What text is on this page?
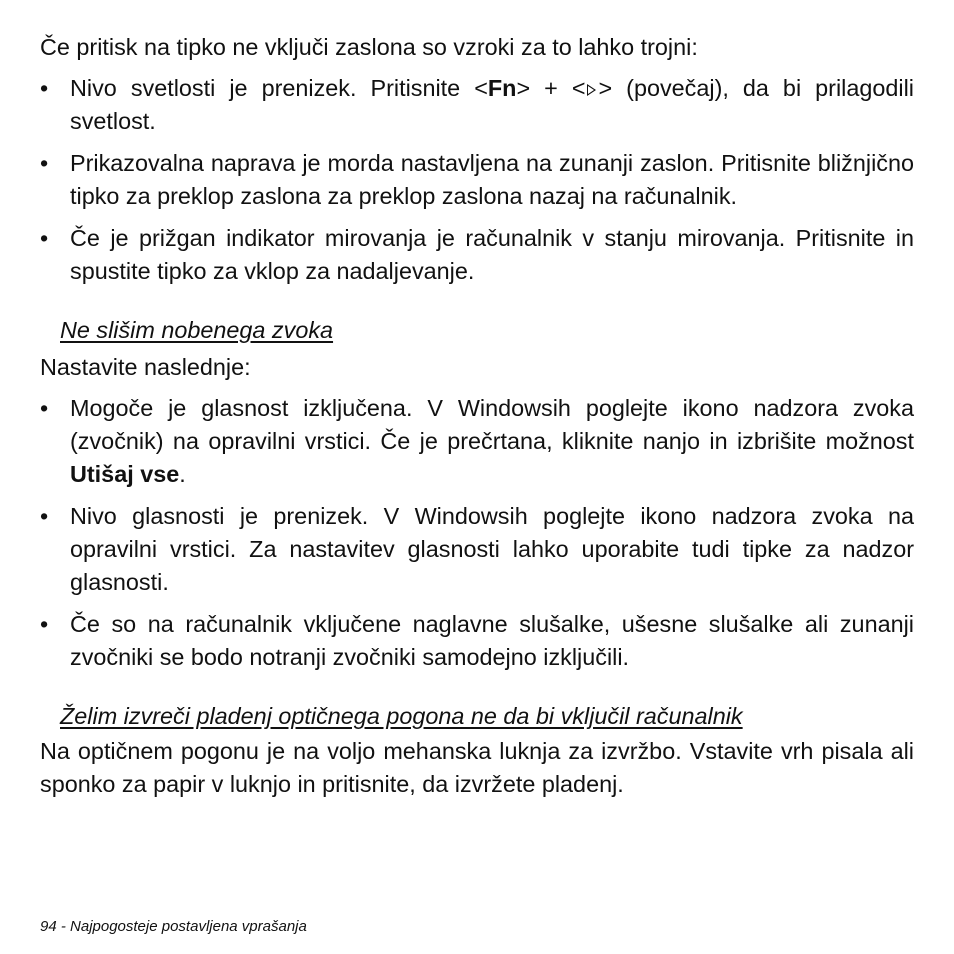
Če pritisk na tipko ne vključi zaslona so vzroki za to lahko trojni:

• Nivo svetlosti je prenizek. Pritisnite <Fn> + < > (povečaj), da bi prilagodili svetlost.
• Prikazovalna naprava je morda nastavljena na zunanji zaslon. Pritisnite bližnjično tipko za preklop zaslona za preklop zaslona nazaj na računalnik.
• Če je prižgan indikator mirovanja je računalnik v stanju mirovanja. Pritisnite in spustite tipko za vklop za nadaljevanje.

Ne slišim nobenega zvoka

Nastavite naslednje:

• Mogoče je glasnost izključena. V Windowsih poglejte ikono nadzora zvoka (zvočnik) na opravilni vrstici. Če je prečrtana, kliknite nanjo in izbrišite možnost Utišaj vse.
• Nivo glasnosti je prenizek. V Windowsih poglejte ikono nadzora zvoka na opravilni vrstici. Za nastavitev glasnosti lahko uporabite tudi tipke za nadzor glasnosti.
• Če so na računalnik vključene naglavne slušalke, ušesne slušalke ali zunanji zvočniki se bodo notranji zvočniki samodejno izključili.

Želim izvreči pladenj optičnega pogona ne da bi vključil računalnik

Na optičnem pogonu je na voljo mehanska luknja za izvržbo. Vstavite vrh pisala ali sponko za papir v luknjo in pritisnite, da izvržete pladenj.

94 - Najpogosteje postavljena vprašanja
